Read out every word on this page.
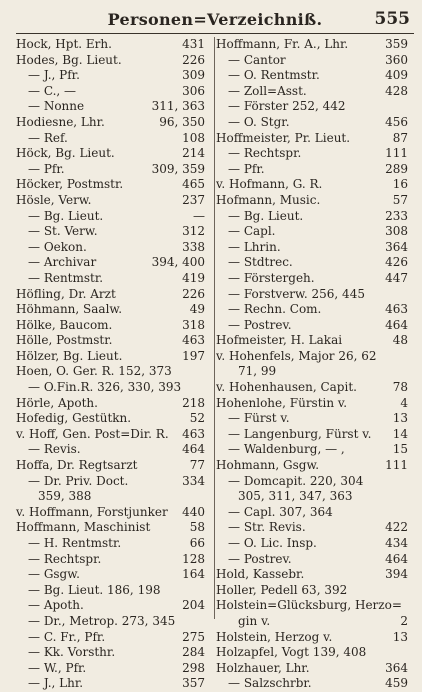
Personen=Verzeichniß.	555
Hock, Hpt. Erh.	431
Hodes, Bg. Lieut.	226
— J., Pfr.	309
— C., —	306
— Nonne	311, 363
Hodiesne, Lhr.	96, 350
— Ref.	108
Höck, Bg. Lieut.	214
— Pfr.	309, 359
Höcker, Postmstr.	465
Hösle, Verw.	237
— Bg. Lieut.	—
— St. Verw.	312
— Oekon.	338
— Archivar	394, 400
— Rentmstr.	419
Höfling, Dr. Arzt	226
Höhmann, Saalw.	49
Hölke, Baucom.	318
Hölle, Postmstr.	463
Hölzer, Bg. Lieut.	197
Hoen, O. Ger. R. 152, 373
— O.Fin.R. 326, 330, 393
Hörle, Apoth.	218
Hofedig, Gestütkn.	52
v. Hoff, Gen. Post=Dir. R. 463
— Revis.	464
Hoffa, Dr. Regtsarzt	77
— Dr. Priv. Doct.	334
359, 388
v. Hoffmann, Forstjunker 440
Hoffmann, Maschinist	58
— H. Rentmstr.	66
— Rechtspr.	128
— Gsgw.	164
— Bg. Lieut. 186, 198
— Apoth.	204
— Dr., Metrop. 273, 345
— C. Fr., Pfr.	275
— Kk. Vorsthr.	284
— W., Pfr.	298
— J., Lhr.	357
Hoffmann, Fr. A., Lhr.	359
— Cantor	360
— O. Rentmstr.	409
— Zoll=Asst.	428
— Förster 252, 442
— O. Stgr.	456
Hoffmeister, Pr. Lieut.	87
— Rechtspr.	111
— Pfr.	289
v. Hofmann, G. R.	16
Hofmann, Music.	57
— Bg. Lieut.	233
— Capl.	308
— Lhrin.	364
— Stdtrec.	426
— Förstergeh.	447
— Forstverw. 256, 445
— Rechn. Com.	463
— Postrev.	464
Hofmeister, H. Lakai	48
v. Hohenfels, Major 26, 62
71, 99
v. Hohenhausen, Capit.	78
Hohenlohe, Fürstin v.	4
— Fürst v.	13
— Langenburg, Fürst v. 14
— Waldenburg, — ,	15
Hohmann, Gsgw.	111
— Domcapit. 220, 304
305, 311, 347, 363
— Capl. 307, 364
— Str. Revis.	422
— O. Lic. Insp.	434
— Postrev.	464
Hold, Kassebr.	394
Holler, Pedell 63, 392
Holstein=Glücksburg, Herzo=
gin v.	2
Holstein, Herzog v.	13
Holzapfel, Vogt 139, 408
Holzhauer, Lhr.	364
— Salzschrbr.	459
